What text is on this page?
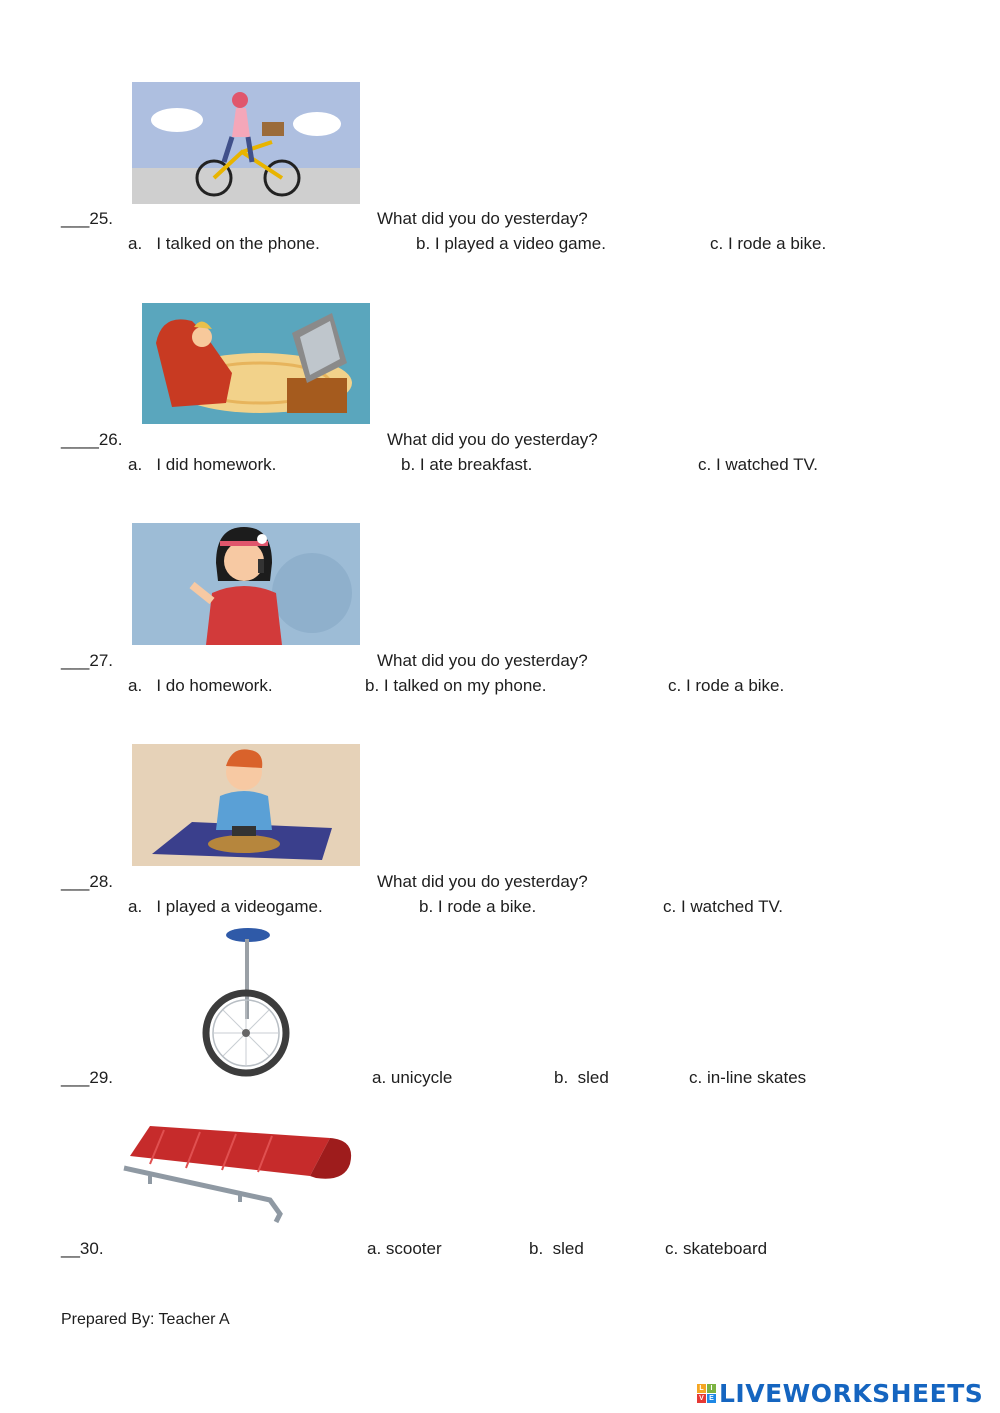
___25.	What did you do yesterday?
a.   I talked on the phone.	b. I played a video game.	c. I rode a bike.
____26.	What did you do yesterday?
a.   I did homework.	b. I ate breakfast.	c. I watched TV.
___27.	What did you do yesterday?
a.   I do homework.	b. I talked on my phone.	c. I rode a bike.
___28.	What did you do yesterday?
a.   I played a videogame.	b. I rode a bike.	c. I watched TV.
___29.	a. unicycle	b.  sled	c. in-line skates
__30.	a. scooter	b.  sled	c. skateboard
Prepared By: Teacher A
L I
V E LIVEWORKSHEETS
